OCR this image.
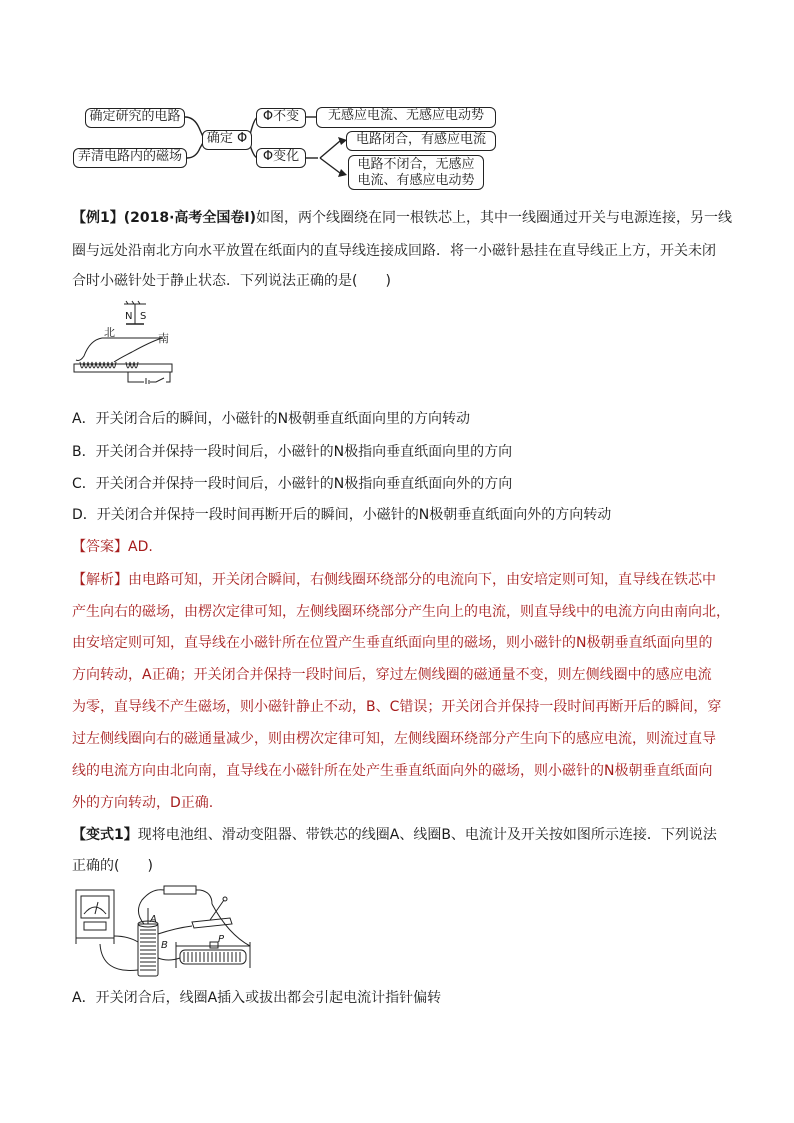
确定研究的电路
弄清电路内的磁场
确定 Φ
Φ不变
Φ变化
无感应电流、无感应电动势
电路闭合，有感应电流
电路不闭合，无感应
电流、有感应电动势
【例1】(2018·高考全国卷Ⅰ)如图，两个线圈绕在同一根铁芯上，其中一线圈通过开关与电源连接，另一线
圈与远处沿南北方向水平放置在纸面内的直导线连接成回路．将一小磁针悬挂在直导线正上方，开关未闭
合时小磁针处于静止状态．下列说法正确的是(　　)
北	南
N S
A．开关闭合后的瞬间，小磁针的N极朝垂直纸面向里的方向转动
B．开关闭合并保持一段时间后，小磁针的N极指向垂直纸面向里的方向
C．开关闭合并保持一段时间后，小磁针的N极指向垂直纸面向外的方向
D．开关闭合并保持一段时间再断开后的瞬间，小磁针的N极朝垂直纸面向外的方向转动
【答案】AD.
【解析】由电路可知，开关闭合瞬间，右侧线圈环绕部分的电流向下，由安培定则可知，直导线在铁芯中
产生向右的磁场，由楞次定律可知，左侧线圈环绕部分产生向上的电流，则直导线中的电流方向由南向北，
由安培定则可知，直导线在小磁针所在位置产生垂直纸面向里的磁场，则小磁针的N极朝垂直纸面向里的
方向转动，A正确；开关闭合并保持一段时间后，穿过左侧线圈的磁通量不变，则左侧线圈中的感应电流
为零，直导线不产生磁场，则小磁针静止不动，B、C错误；开关闭合并保持一段时间再断开后的瞬间，穿
过左侧线圈向右的磁通量减少，则由楞次定律可知，左侧线圈环绕部分产生向下的感应电流，则流过直导
线的电流方向由北向南，直导线在小磁针所在处产生垂直纸面向外的磁场，则小磁针的N极朝垂直纸面向
外的方向转动，D正确.
【变式1】现将电池组、滑动变阻器、带铁芯的线圈A、线圈B、电流计及开关按如图所示连接．下列说法
正确的(　　)
A
B
P
A．开关闭合后，线圈A插入或拔出都会引起电流计指针偏转
